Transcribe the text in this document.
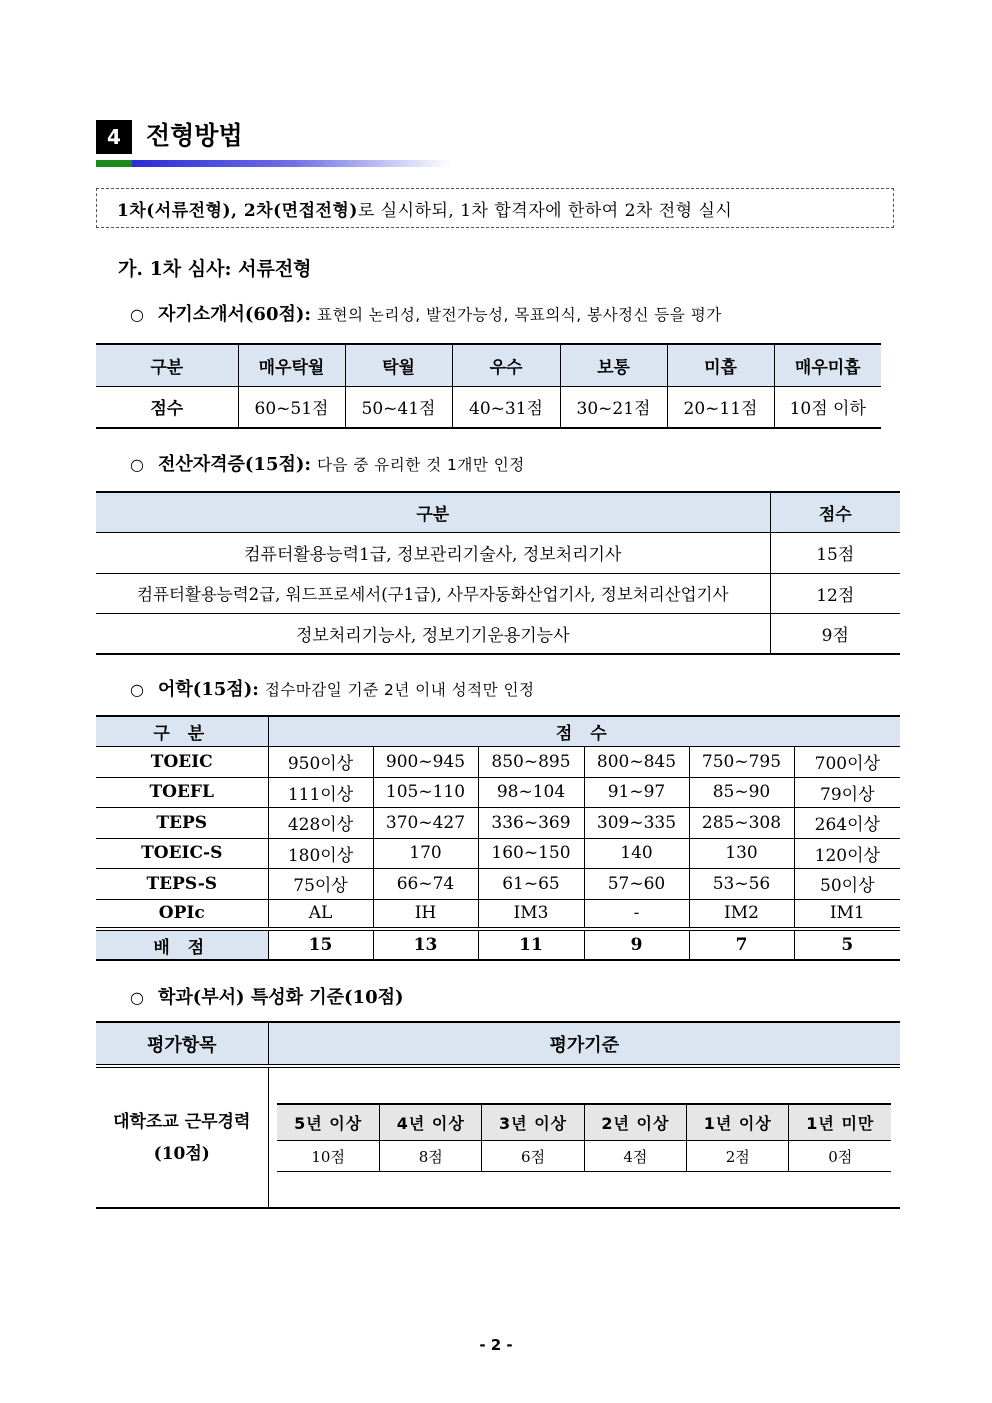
4	전형방법
1차(서류전형), 2차(면접전형) 로 실시하되, 1차 합격자에 한하여 2차 전형 실시
가. 1차 심사: 서류전형
○ 자기소개서(60점): 표현의 논리성, 발전가능성, 목표의식, 봉사정신 등을 평가
구분	매우탁월	탁월	우수	보통	미흡	매우미흡
점수	60~51점	50~41점	40~31점	30~21점	20~11점	10점 이하
○ 전산자격증(15점): 다음 중 유리한 것 1개만 인정
구분	점수
컴퓨터활용능력1급, 정보관리기술사, 정보처리기사	15점
컴퓨터활용능력2급, 워드프로세서(구1급), 사무자동화산업기사, 정보처리산업기사	12점
정보처리기능사, 정보기기운용기능사	9점
○ 어학(15점): 접수마감일 기준 2년 이내 성적만 인정
구 분	점 수					
TOEIC	950이상	900~945	850~895	800~845	750~795	700이상
TOEFL	111이상	105~110	98~104	91~97	85~90	79이상
TEPS	428이상	370~427	336~369	309~335	285~308	264이상
TOEIC-S	180이상	170	160~150	140	130	120이상
TEPS-S	75이상	66~74	61~65	57~60	53~56	50이상
OPIc	AL	IH	IM3	-	IM2	IM1
배 점	15	13	11	9	7	5
○ 학과(부서) 특성화 기준(10점)
평가항목	평가기준

대학조교 근무경력
(10점)

5년 이상	4년 이상	3년 이상	2년 이상	1년 이상	1년 미만
10점	8점	6점	4점	2점	0점
- 2 -
